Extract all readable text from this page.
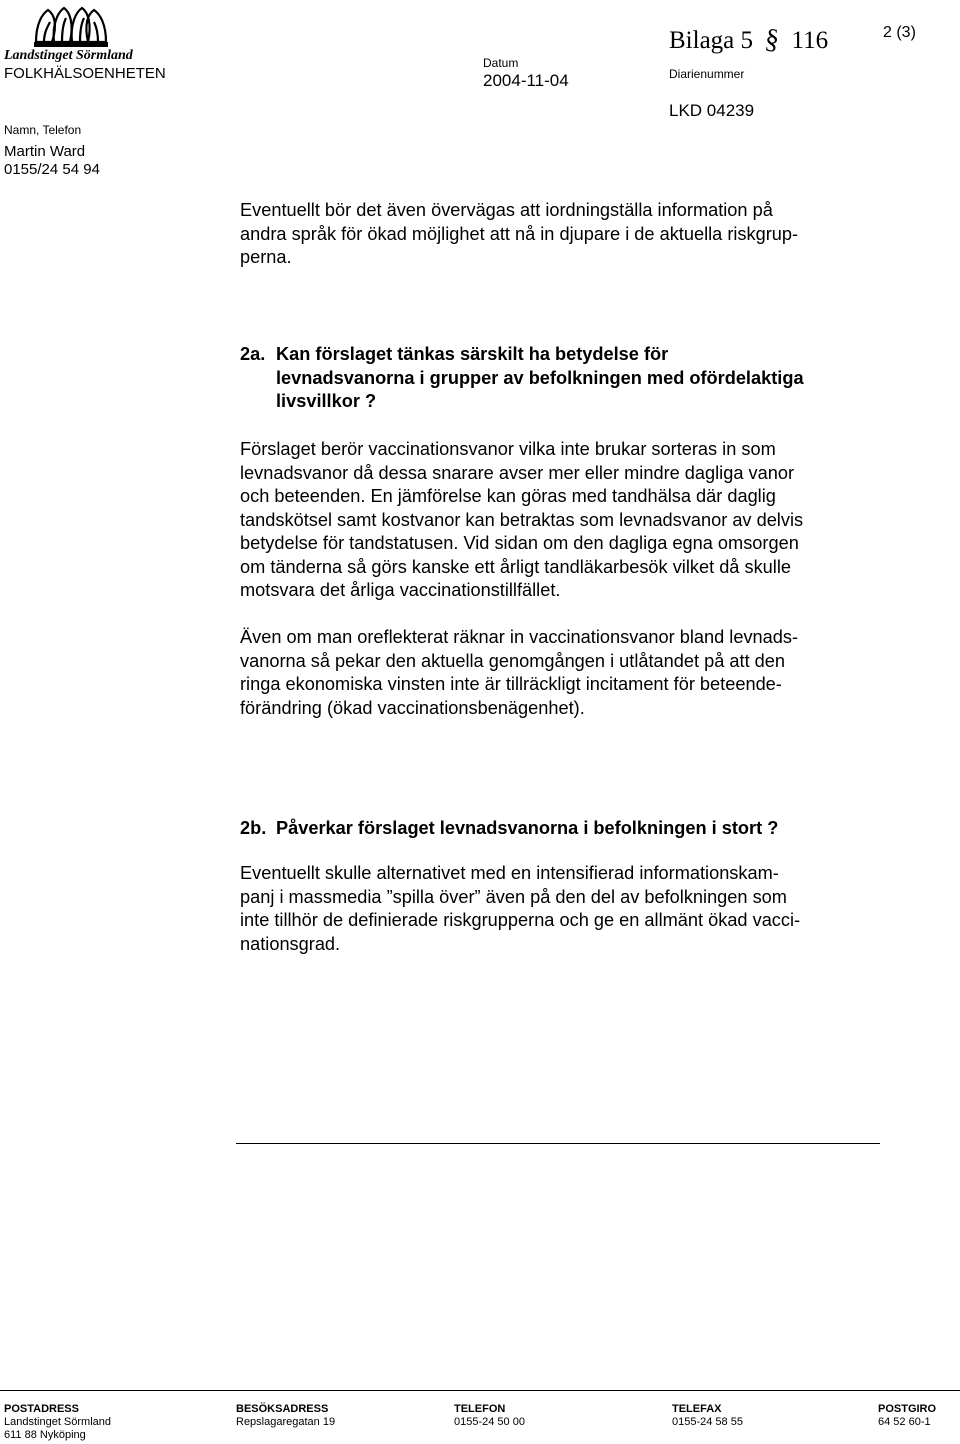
Landstinget Sörmland
FOLKHÄLSOENHETEN
Namn, Telefon
Martin Ward
0155/24 54 94
Datum
2004-11-04
Bilaga 5 § 116
Diarienummer
LKD 04239
2 (3)

Eventuellt bör det även övervägas att iordningställa information på

andra språk för ökad möjlighet att nå in djupare i de aktuella riskgrup-

perna.

2a. Kan förslaget tänkas särskilt ha betydelse för
levnadsvanorna i grupper av befolkningen med ofördelaktiga
livsvillkor ?

Förslaget berör vaccinationsvanor vilka inte brukar sorteras in som

levnadsvanor då dessa snarare avser mer eller mindre dagliga vanor

och beteenden. En jämförelse kan göras med tandhälsa där daglig

tandskötsel samt kostvanor kan betraktas som levnadsvanor av delvis

betydelse för tandstatusen. Vid sidan om den dagliga egna omsorgen

om tänderna så görs kanske ett årligt tandläkarbesök vilket då skulle

motsvara det årliga vaccinationstillfället.

Även om man oreflekterat räknar in vaccinationsvanor bland levnads-

vanorna så pekar den aktuella genomgången i utlåtandet på att den

ringa ekonomiska vinsten inte är tillräckligt incitament för beteende-

förändring (ökad vaccinationsbenägenhet).

2b. Påverkar förslaget levnadsvanorna i befolkningen i stort ?

Eventuellt skulle alternativet med en intensifierad informationskam-

panj i massmedia ”spilla över” även på den del av befolkningen som

inte tillhör de definierade riskgrupperna och ge en allmänt ökad vacci-

nationsgrad.

POSTADRESS
Landstinget Sörmland
611 88 Nyköping
BESÖKSADRESS
Repslagaregatan 19
TELEFON
0155-24 50 00
TELEFAX
0155-24 58 55
POSTGIRO
64 52 60-1
